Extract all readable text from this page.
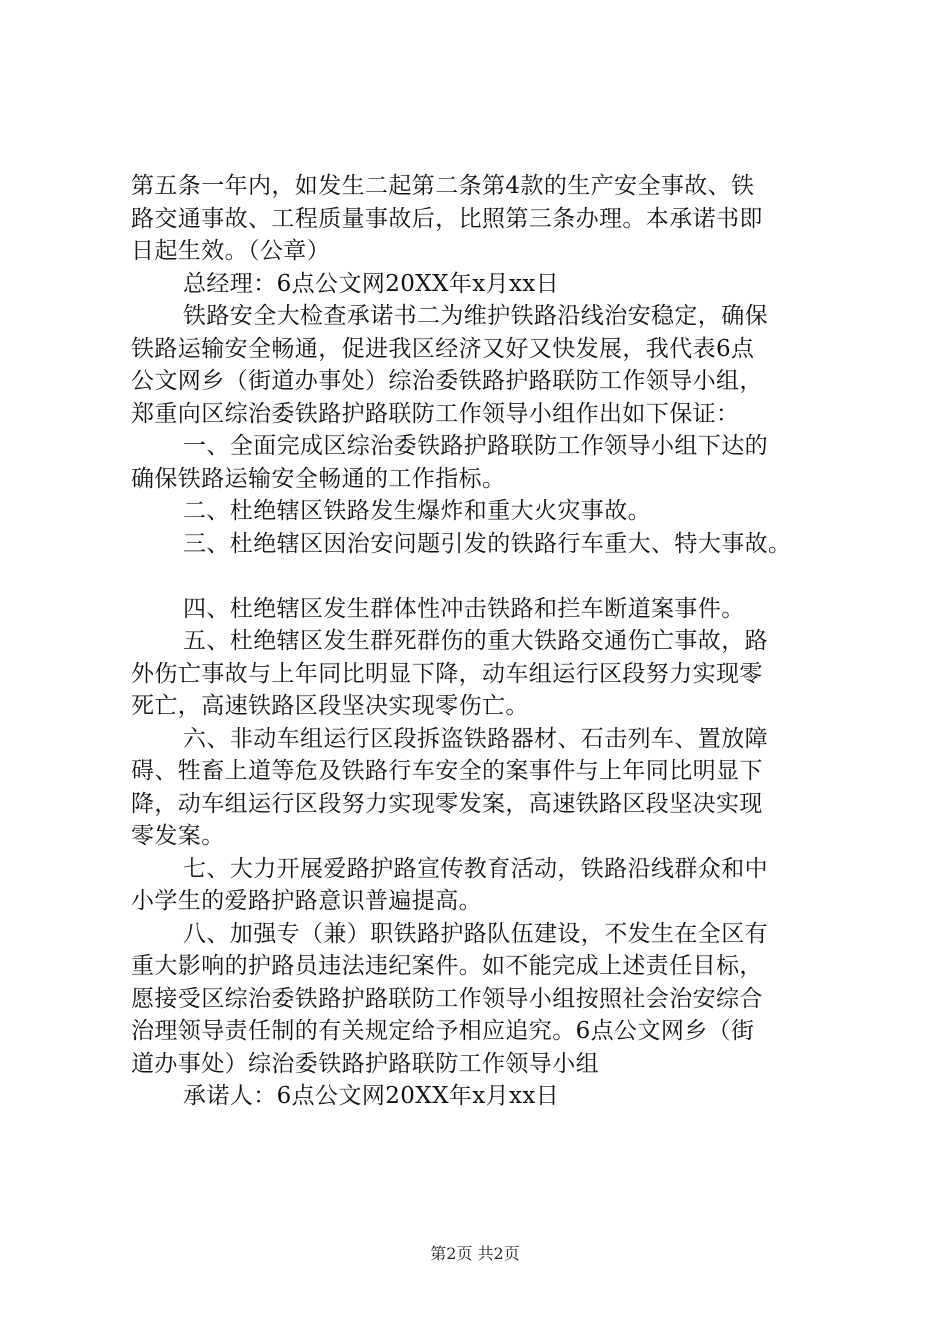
第五条一年内，如发生二起第二条第4款的生产安全事故、铁
路交通事故、工程质量事故后，比照第三条办理。本承诺书即
日起生效。（公章）
总经理：6点公文网20XX年x月xx日
铁路安全大检查承诺书二为维护铁路沿线治安稳定，确保
铁路运输安全畅通，促进我区经济又好又快发展，我代表6点
公文网乡（街道办事处）综治委铁路护路联防工作领导小组，
郑重向区综治委铁路护路联防工作领导小组作出如下保证：
一、全面完成区综治委铁路护路联防工作领导小组下达的
确保铁路运输安全畅通的工作指标。
二、杜绝辖区铁路发生爆炸和重大火灾事故。
三、杜绝辖区因治安问题引发的铁路行车重大、特大事故。
四、杜绝辖区发生群体性冲击铁路和拦车断道案事件。
五、杜绝辖区发生群死群伤的重大铁路交通伤亡事故，路
外伤亡事故与上年同比明显下降，动车组运行区段努力实现零
死亡，高速铁路区段坚决实现零伤亡。
六、非动车组运行区段拆盗铁路器材、石击列车、置放障
碍、牲畜上道等危及铁路行车安全的案事件与上年同比明显下
降，动车组运行区段努力实现零发案，高速铁路区段坚决实现
零发案。
七、大力开展爱路护路宣传教育活动，铁路沿线群众和中
小学生的爱路护路意识普遍提高。
八、加强专（兼）职铁路护路队伍建设，不发生在全区有
重大影响的护路员违法违纪案件。如不能完成上述责任目标，
愿接受区综治委铁路护路联防工作领导小组按照社会治安综合
治理领导责任制的有关规定给予相应追究。6点公文网乡（街
道办事处）综治委铁路护路联防工作领导小组
承诺人：6点公文网20XX年x月xx日
第2页 共2页
